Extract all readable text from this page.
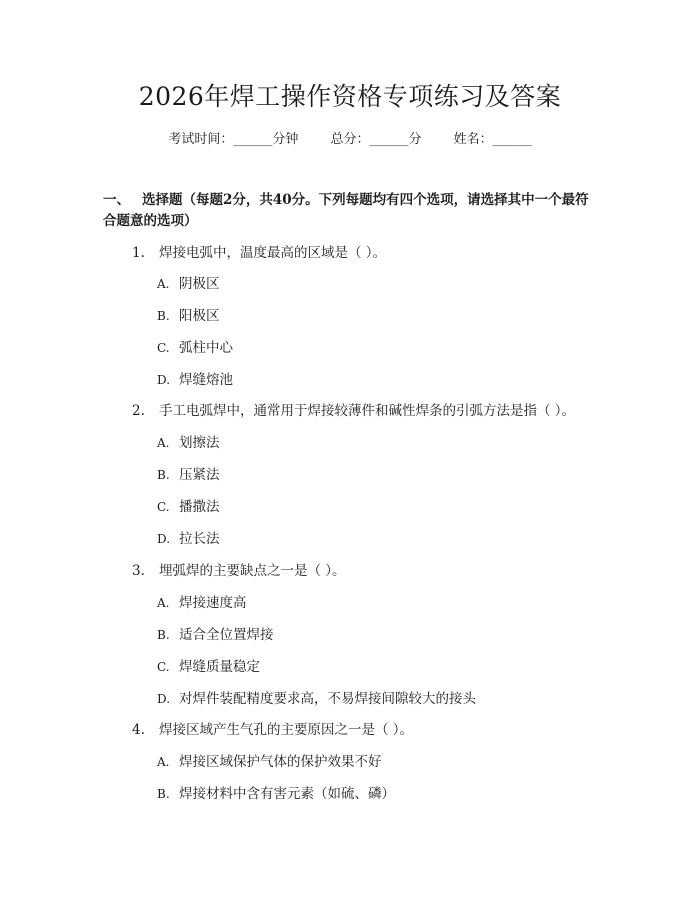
2026年焊工操作资格专项练习及答案
考试时间：______分钟 总分：______分 姓名：______
一、 选择题（每题2分，共40分。下列每题均有四个选项，请选择其中一个最符合题意的选项）
1. 焊接电弧中，温度最高的区域是（ ）。
A. 阴极区
B. 阳极区
C. 弧柱中心
D. 焊缝熔池
2. 手工电弧焊中，通常用于焊接较薄件和碱性焊条的引弧方法是指（ ）。
A. 划擦法
B. 压紧法
C. 播撒法
D. 拉长法
3. 埋弧焊的主要缺点之一是（ ）。
A. 焊接速度高
B. 适合全位置焊接
C. 焊缝质量稳定
D. 对焊件装配精度要求高，不易焊接间隙较大的接头
4. 焊接区域产生气孔的主要原因之一是（ ）。
A. 焊接区域保护气体的保护效果不好
B. 焊接材料中含有害元素（如硫、磷）
